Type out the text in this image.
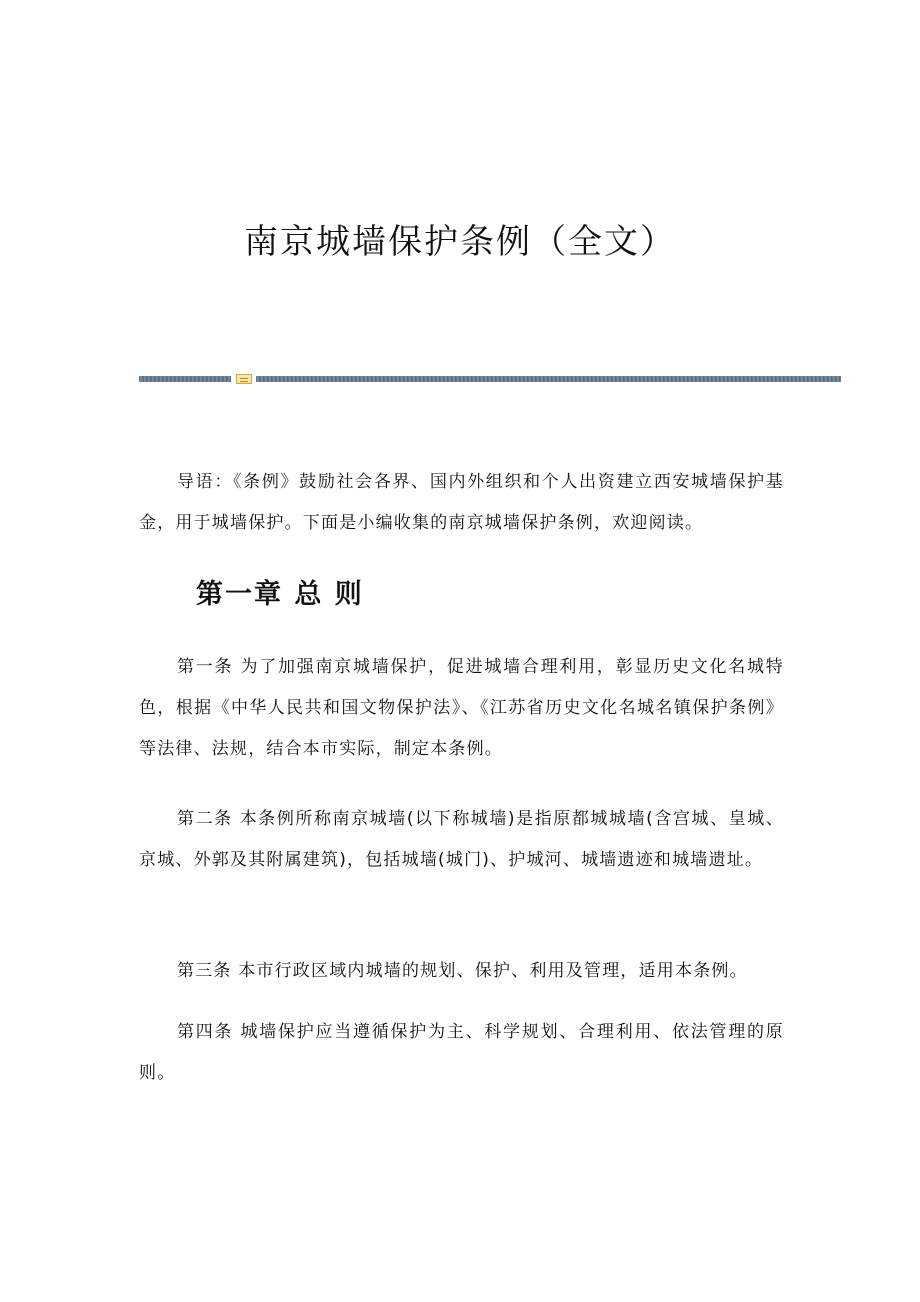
南京城墙保护条例（全文）

导语：《条例》鼓励社会各界、国内外组织和个人出资建立西安城墙保护基金，用于城墙保护。下面是小编收集的南京城墙保护条例，欢迎阅读。

第一章 总 则

第一条 为了加强南京城墙保护，促进城墙合理利用，彰显历史文化名城特色，根据《中华人民共和国文物保护法》、《江苏省历史文化名城名镇保护条例》等法律、法规，结合本市实际，制定本条例。

第二条 本条例所称南京城墙(以下称城墙)是指原都城城墙(含宫城、皇城、京城、外郭及其附属建筑)，包括城墙(城门)、护城河、城墙遗迹和城墙遗址。

第三条 本市行政区域内城墙的规划、保护、利用及管理，适用本条例。

第四条 城墙保护应当遵循保护为主、科学规划、合理利用、依法管理的原则。
